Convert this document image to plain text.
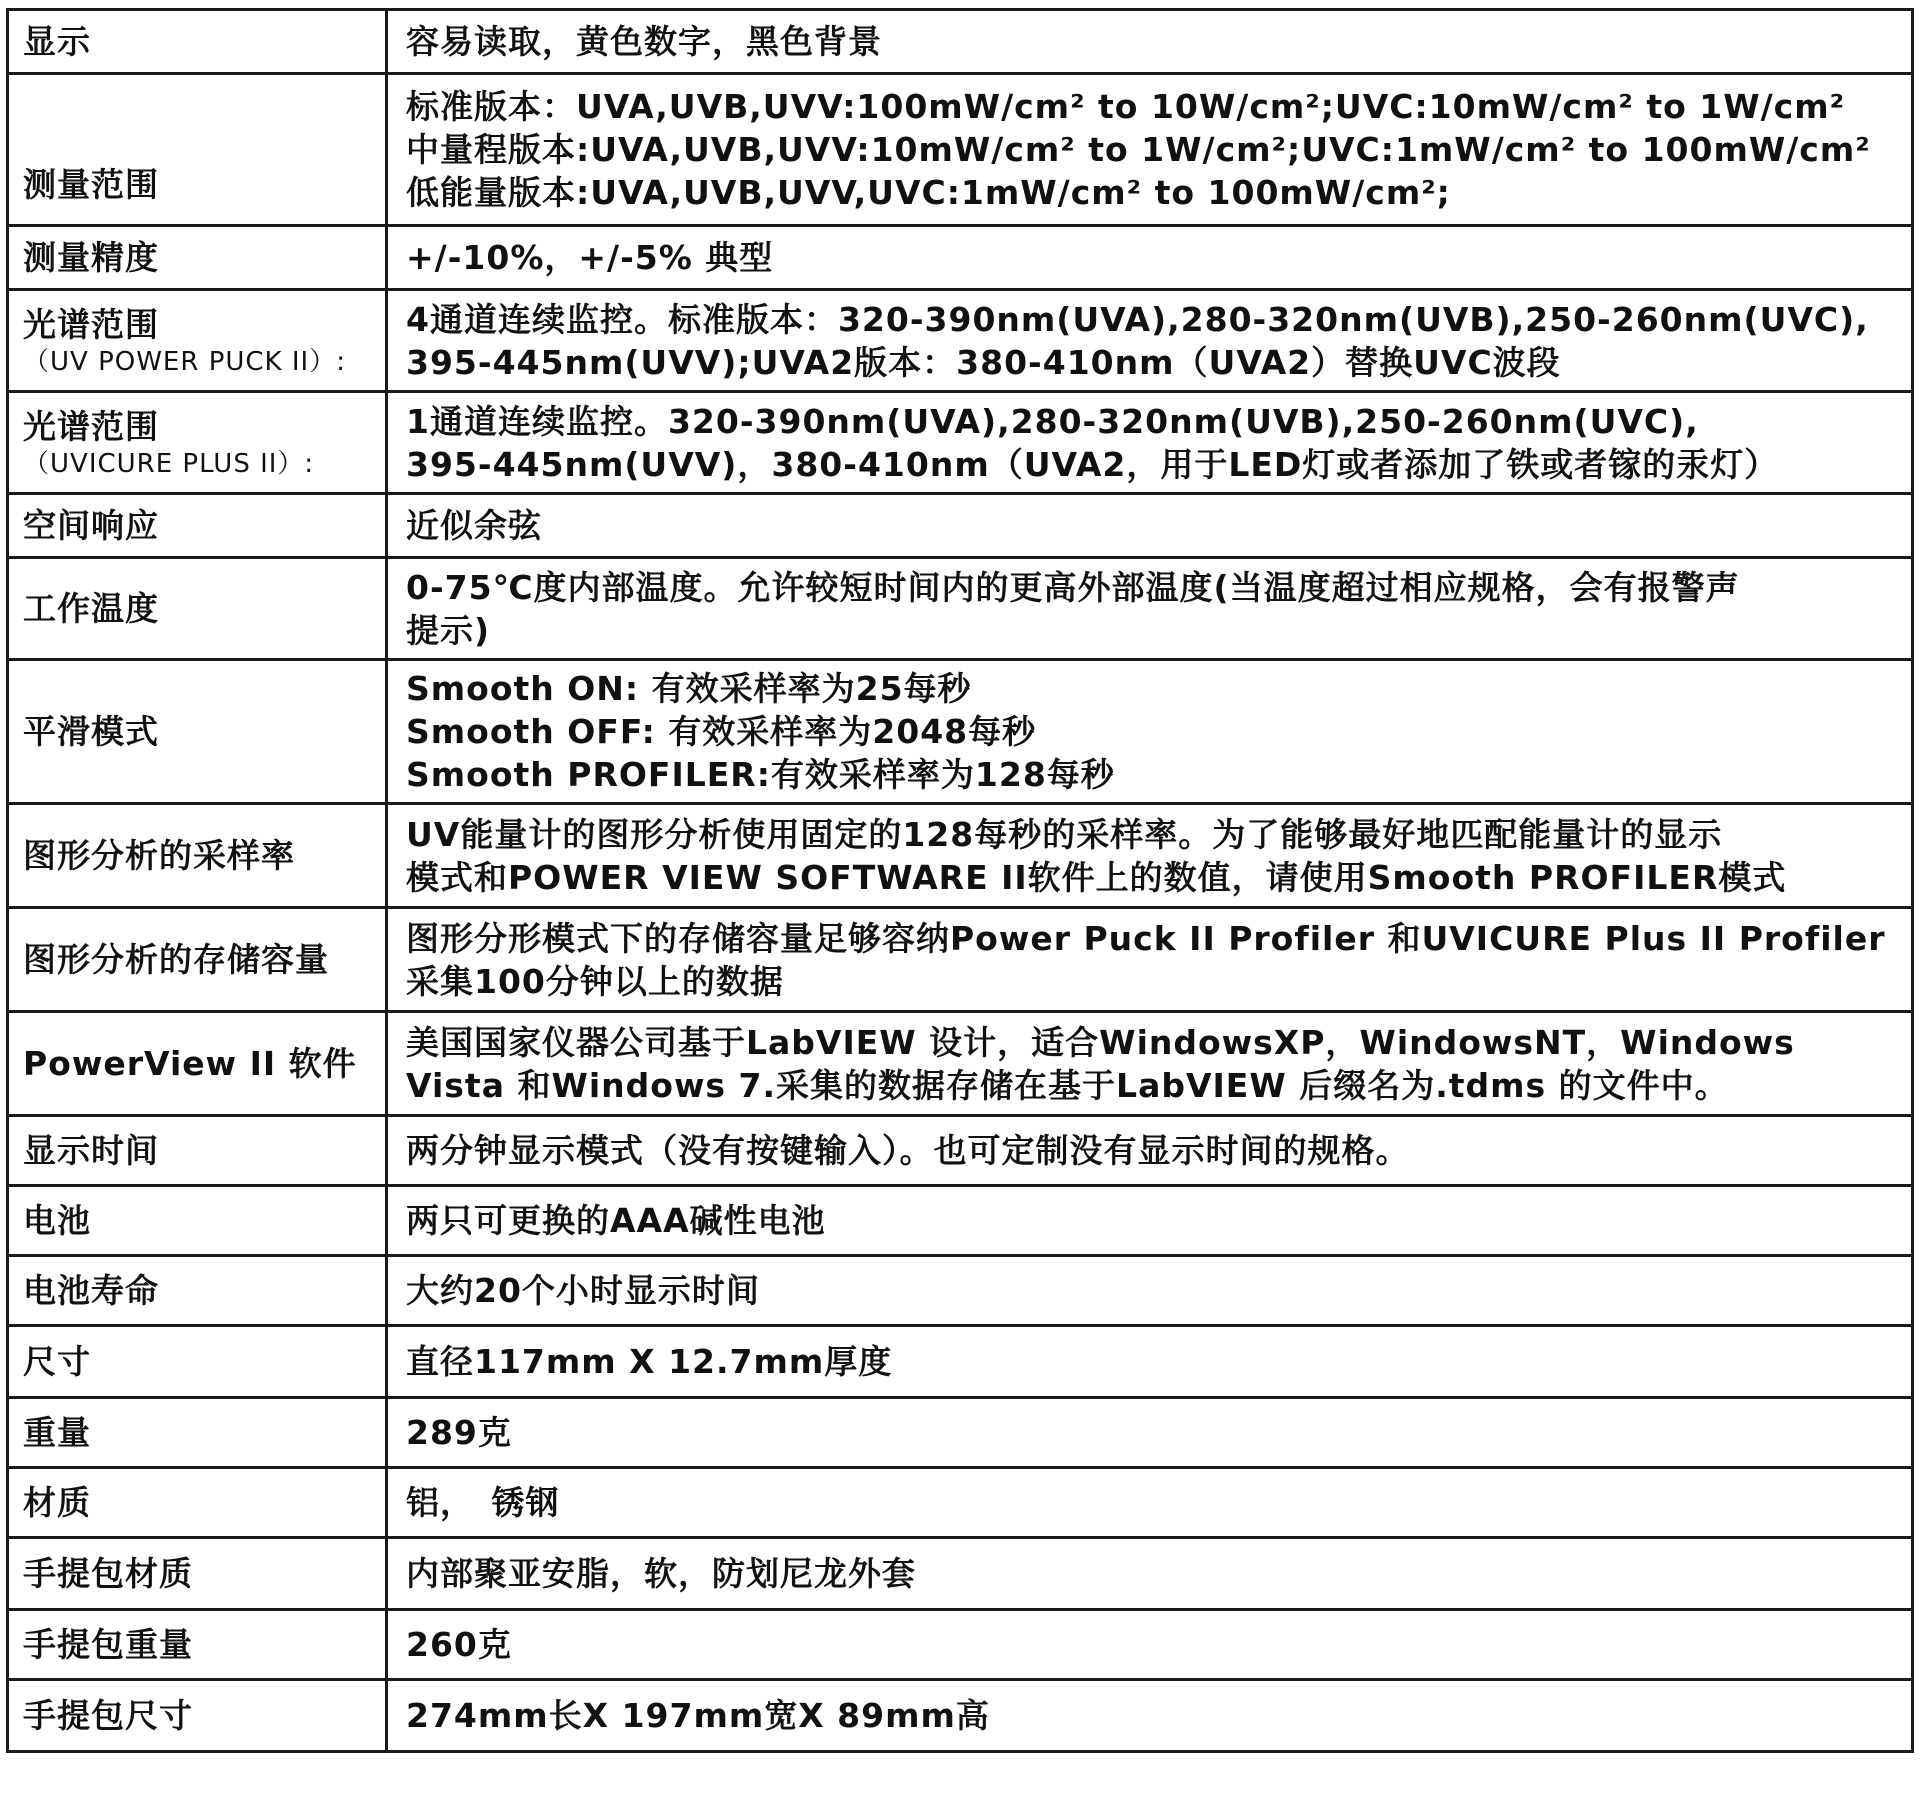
显示	容易读取，黄色数字，黑色背景

测量范围	标准版本：UVA,UVB,UVV:100mW/cm² to 10W/cm²;UVC:10mW/cm² to 1W/cm²
中量程版本:UVA,UVB,UVV:10mW/cm² to 1W/cm²;UVC:1mW/cm² to 100mW/cm²
低能量版本:UVA,UVB,UVV,UVC:1mW/cm² to 100mW/cm²;

测量精度	+/-10%，+/-5% 典型

光谱范围
（UV POWER PUCK II）:	4通道连续监控。标准版本：320-390nm(UVA),280-320nm(UVB),250-260nm(UVC),
395-445nm(UVV);UVA2版本：380-410nm（UVA2）替换UVC波段

光谱范围
（UVICURE PLUS II）:	1通道连续监控。320-390nm(UVA),280-320nm(UVB),250-260nm(UVC),
395-445nm(UVV)，380-410nm（UVA2，用于LED灯或者添加了铁或者镓的汞灯）

空间响应	近似余弦

工作温度	0-75℃度内部温度。允许较短时间内的更高外部温度(当温度超过相应规格，会有报警声
提示)

平滑模式	Smooth ON: 有效采样率为25每秒
Smooth OFF: 有效采样率为2048每秒
Smooth PROFILER:有效采样率为128每秒

图形分析的采样率	UV能量计的图形分析使用固定的128每秒的采样率。为了能够最好地匹配能量计的显示
模式和POWER VIEW SOFTWARE II软件上的数值，请使用Smooth PROFILER模式

图形分析的存储容量	图形分形模式下的存储容量足够容纳Power Puck II Profiler 和UVICURE Plus II Profiler
采集100分钟以上的数据

PowerView II 软件	美国国家仪器公司基于LabVIEW 设计，适合WindowsXP，WindowsNT，Windows
Vista 和Windows 7.采集的数据存储在基于LabVIEW 后缀名为.tdms 的文件中。

显示时间	两分钟显示模式（没有按键输入）。也可定制没有显示时间的规格。

电池	两只可更换的AAA碱性电池

电池寿命	大约20个小时显示时间

尺寸	直径117mm X 12.7mm厚度

重量	289克

材质	铝，　锈钢

手提包材质	内部聚亚安脂，软，防划尼龙外套

手提包重量	260克

手提包尺寸	274mm长X 197mm宽X 89mm高
